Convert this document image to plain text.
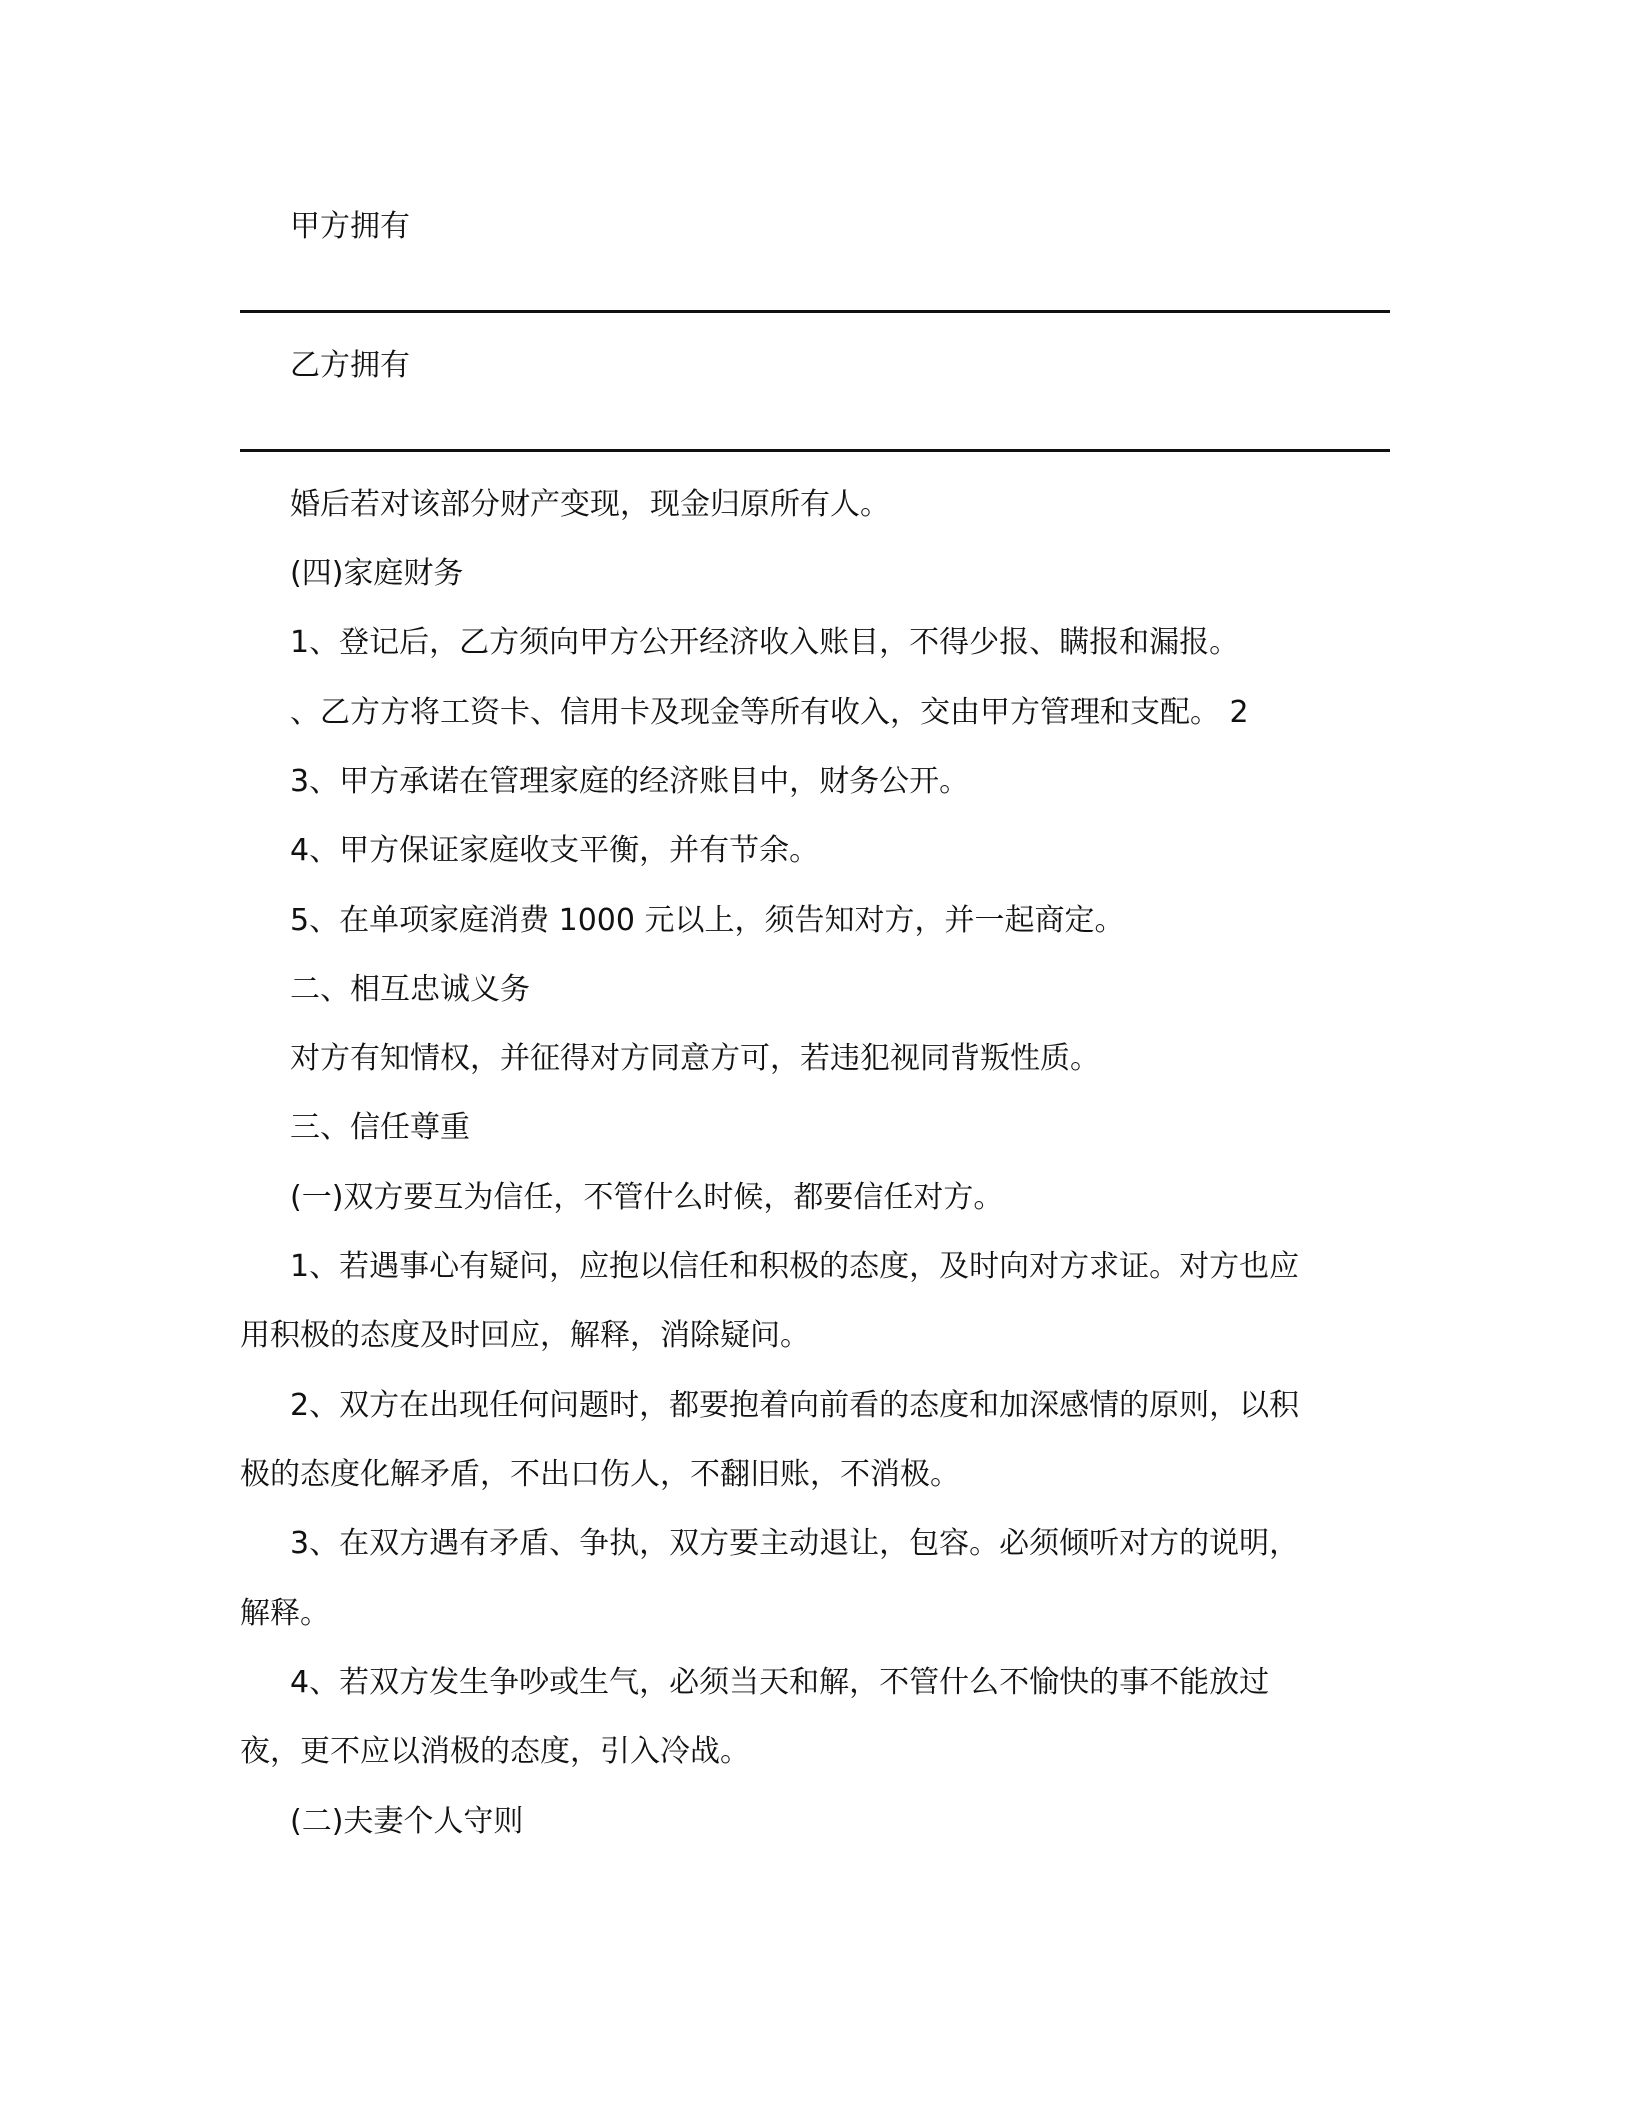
甲方拥有
乙方拥有
婚后若对该部分财产变现，现金归原所有人。
(四)家庭财务
1、登记后，乙方须向甲方公开经济收入账目，不得少报、瞒报和漏报。
、乙方方将工资卡、信用卡及现金等所有收入，交由甲方管理和支配。 2
3、甲方承诺在管理家庭的经济账目中，财务公开。
4、甲方保证家庭收支平衡，并有节余。
5、在单项家庭消费 1000 元以上，须告知对方，并一起商定。
二、相互忠诚义务
对方有知情权，并征得对方同意方可，若违犯视同背叛性质。
三、信任尊重
(一)双方要互为信任，不管什么时候，都要信任对方。
1、若遇事心有疑问，应抱以信任和积极的态度，及时向对方求证。对方也应
用积极的态度及时回应，解释，消除疑问。
2、双方在出现任何问题时，都要抱着向前看的态度和加深感情的原则，以积
极的态度化解矛盾，不出口伤人，不翻旧账，不消极。
3、在双方遇有矛盾、争执，双方要主动退让，包容。必须倾听对方的说明，
解释。
4、若双方发生争吵或生气，必须当天和解，不管什么不愉快的事不能放过
夜，更不应以消极的态度，引入冷战。
(二)夫妻个人守则
